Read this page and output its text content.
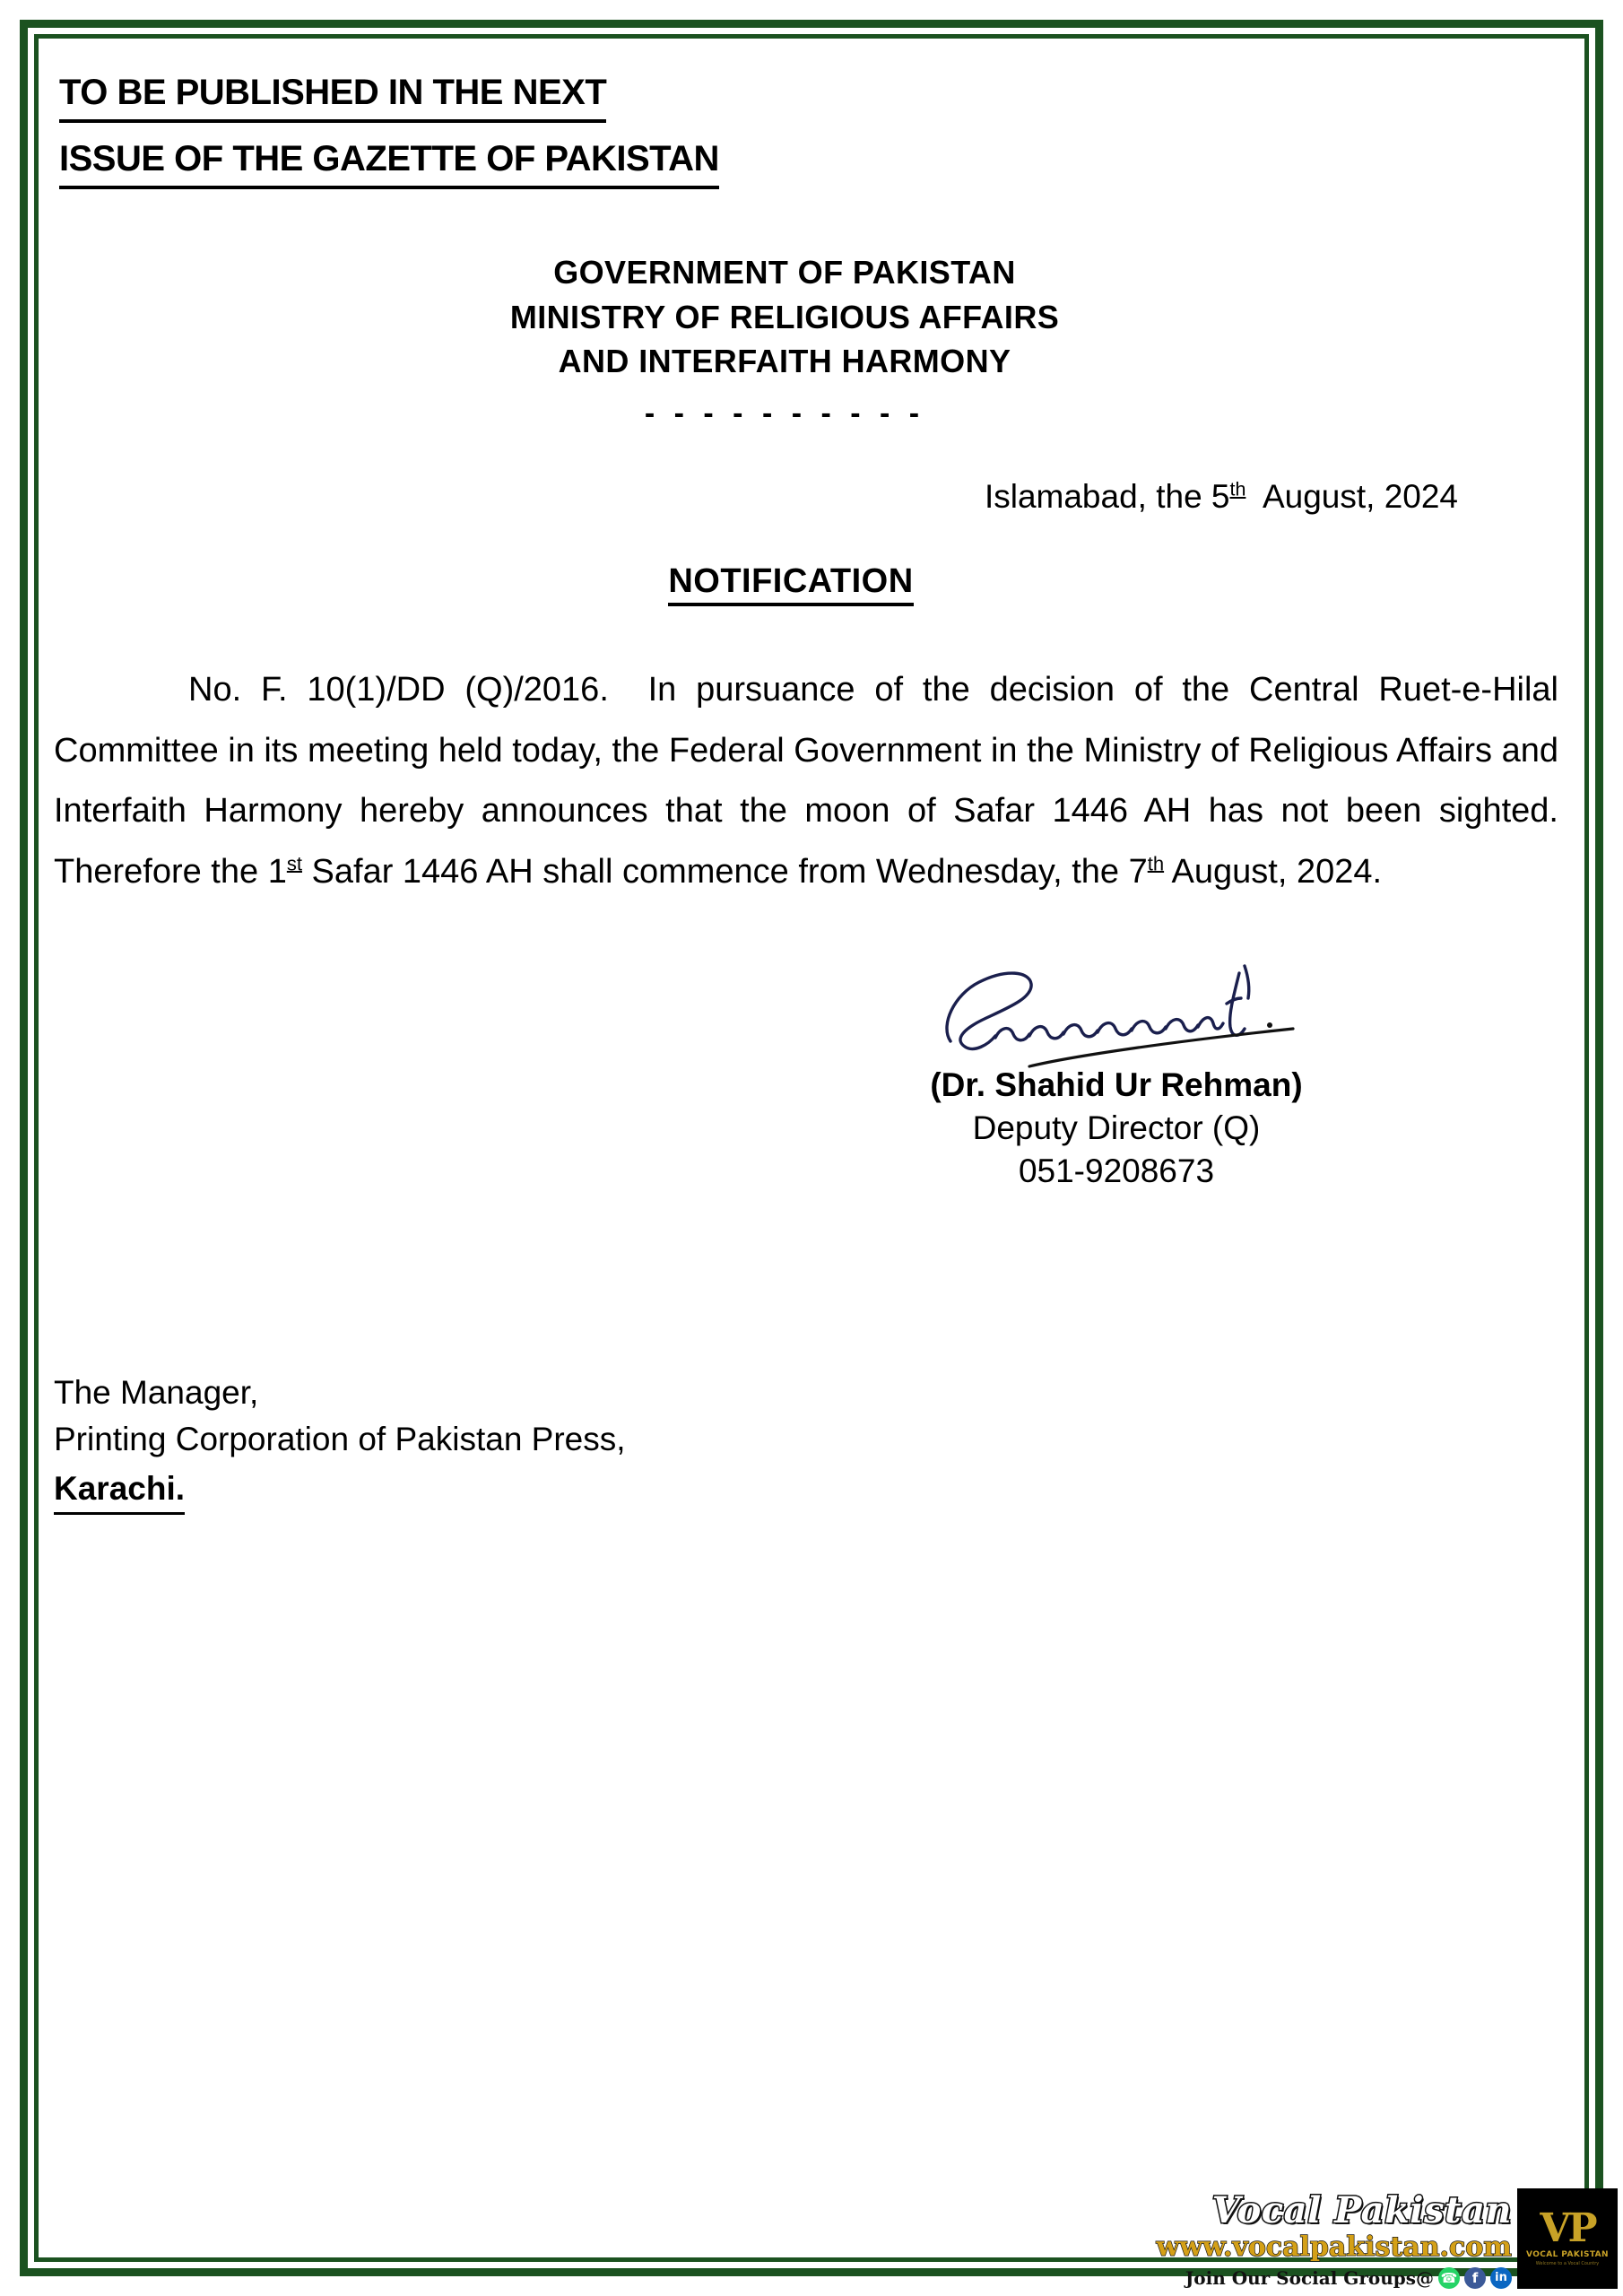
TO BE PUBLISHED IN THE NEXT
ISSUE OF THE GAZETTE OF PAKISTAN
GOVERNMENT OF PAKISTAN
MINISTRY OF RELIGIOUS AFFAIRS
AND INTERFAITH HARMONY
- - - - - - - - - -
Islamabad, the 5th August, 2024
NOTIFICATION
No. F. 10(1)/DD (Q)/2016. In pursuance of the decision of the Central Ruet-e-Hilal Committee in its meeting held today, the Federal Government in the Ministry of Religious Affairs and Interfaith Harmony hereby announces that the moon of Safar 1446 AH has not been sighted. Therefore the 1st Safar 1446 AH shall commence from Wednesday, the 7th August, 2024.
(Dr. Shahid Ur Rehman)
Deputy Director (Q)
051-9208673
The Manager,
Printing Corporation of Pakistan Press,
Karachi.
Vocal Pakistan
www.vocalpakistan.com
Join Our Social Groups@ ☎	f	in
VP
VOCAL PAKISTAN
Welcome to a Vocal Country
